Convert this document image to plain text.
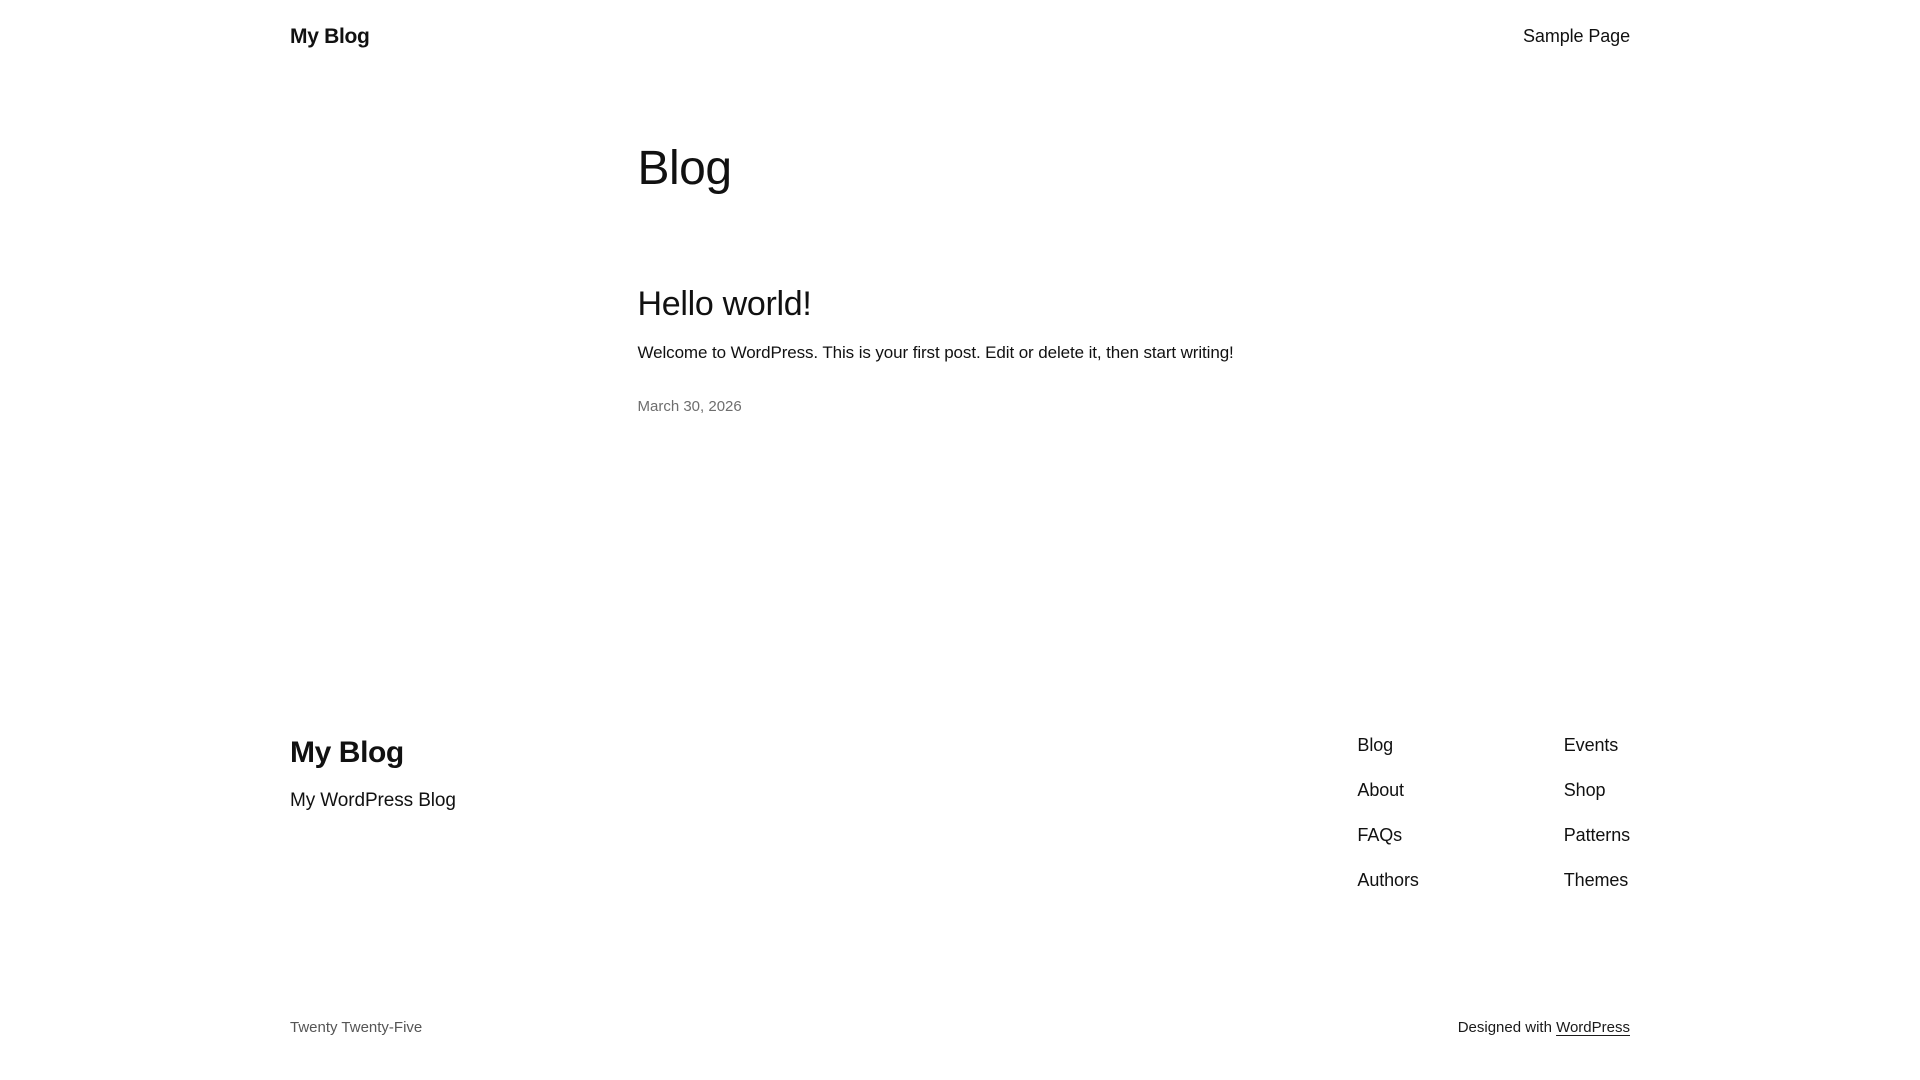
My Blog	Sample Page
Blog
Hello world!

Welcome to WordPress. This is your first post. Edit or delete it, then start writing!

March 30, 2026
My Blog

My WordPress Blog

Blog
About
FAQs
Authors
Events
Shop
Patterns
Themes
Twenty Twenty-Five	Designed with WordPress
